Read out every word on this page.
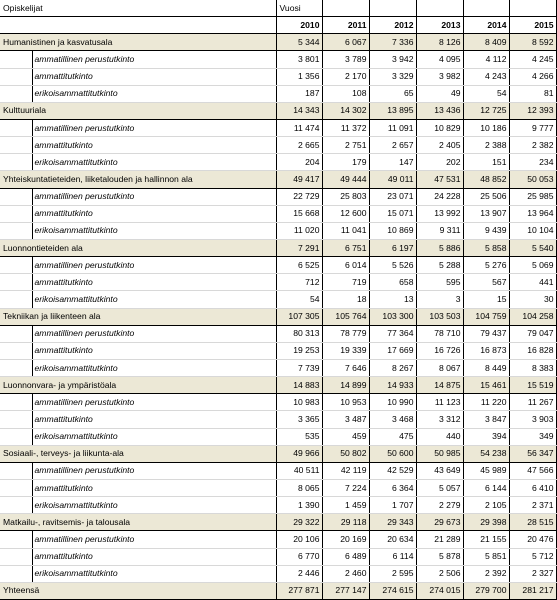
Opiskelijat		Vuosi					
		2010	2011	2012	2013	2014	2015
Humanistinen ja kasvatusala		5 344	6 067	7 336	8 126	8 409	8 592
	ammatillinen perustutkinto	3 801	3 789	3 942	4 095	4 112	4 245
	ammattitutkinto	1 356	2 170	3 329	3 982	4 243	4 266
	erikoisammattitutkinto	187	108	65	49	54	81
Kulttuuriala		14 343	14 302	13 895	13 436	12 725	12 393
	ammatillinen perustutkinto	11 474	11 372	11 091	10 829	10 186	9 777
	ammattitutkinto	2 665	2 751	2 657	2 405	2 388	2 382
	erikoisammattitutkinto	204	179	147	202	151	234
Yhteiskuntatieteiden, liiketalouden ja hallinnon ala		49 417	49 444	49 011	47 531	48 852	50 053
	ammatillinen perustutkinto	22 729	25 803	23 071	24 228	25 506	25 985
	ammattitutkinto	15 668	12 600	15 071	13 992	13 907	13 964
	erikoisammattitutkinto	11 020	11 041	10 869	9 311	9 439	10 104
Luonnontieteiden ala		7 291	6 751	6 197	5 886	5 858	5 540
	ammatillinen perustutkinto	6 525	6 014	5 526	5 288	5 276	5 069
	ammattitutkinto	712	719	658	595	567	441
	erikoisammattitutkinto	54	18	13	3	15	30
Tekniikan ja liikenteen ala		107 305	105 764	103 300	103 503	104 759	104 258
	ammatillinen perustutkinto	80 313	78 779	77 364	78 710	79 437	79 047
	ammattitutkinto	19 253	19 339	17 669	16 726	16 873	16 828
	erikoisammattitutkinto	7 739	7 646	8 267	8 067	8 449	8 383
Luonnonvara- ja ympäristöala		14 883	14 899	14 933	14 875	15 461	15 519
	ammatillinen perustutkinto	10 983	10 953	10 990	11 123	11 220	11 267
	ammattitutkinto	3 365	3 487	3 468	3 312	3 847	3 903
	erikoisammattitutkinto	535	459	475	440	394	349
Sosiaali-, terveys- ja liikunta-ala		49 966	50 802	50 600	50 985	54 238	56 347
	ammatillinen perustutkinto	40 511	42 119	42 529	43 649	45 989	47 566
	ammattitutkinto	8 065	7 224	6 364	5 057	6 144	6 410
	erikoisammattitutkinto	1 390	1 459	1 707	2 279	2 105	2 371
Matkailu-, ravitsemis- ja talousala		29 322	29 118	29 343	29 673	29 398	28 515
	ammatillinen perustutkinto	20 106	20 169	20 634	21 289	21 155	20 476
	ammattitutkinto	6 770	6 489	6 114	5 878	5 851	5 712
	erikoisammattitutkinto	2 446	2 460	2 595	2 506	2 392	2 327
Yhteensä		277 871	277 147	274 615	274 015	279 700	281 217
